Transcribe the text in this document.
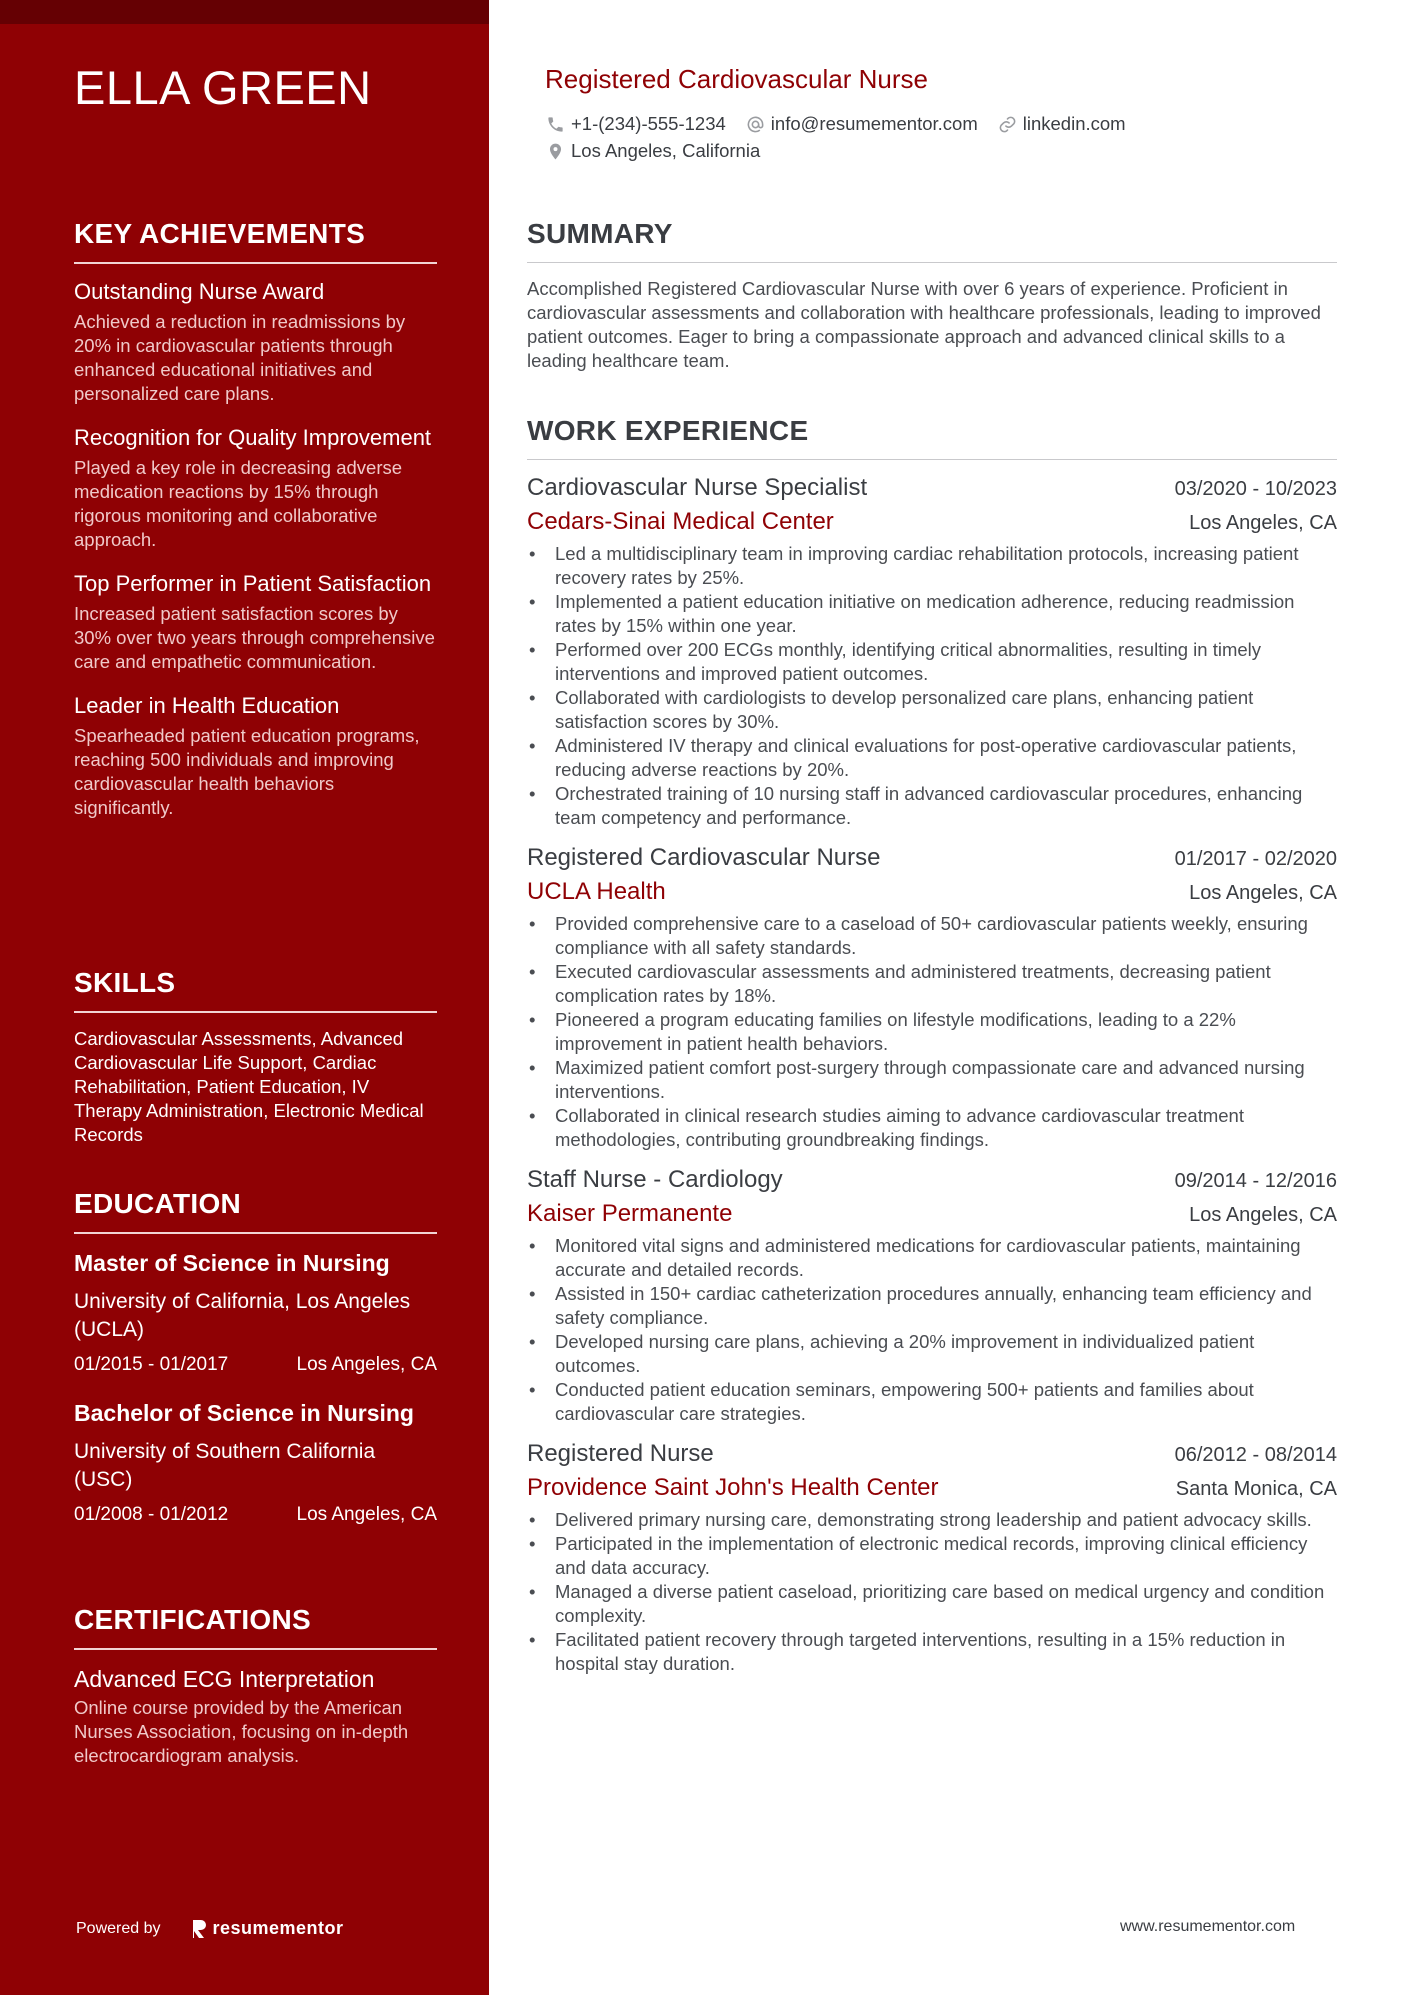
ELLA GREEN
KEY ACHIEVEMENTS
Outstanding Nurse Award
Achieved a reduction in readmissions by 20% in cardiovascular patients through enhanced educational initiatives and personalized care plans.
Recognition for Quality Improvement
Played a key role in decreasing adverse medication reactions by 15% through rigorous monitoring and collaborative approach.
Top Performer in Patient Satisfaction
Increased patient satisfaction scores by 30% over two years through comprehensive care and empathetic communication.
Leader in Health Education
Spearheaded patient education programs, reaching 500 individuals and improving cardiovascular health behaviors significantly.
SKILLS
Cardiovascular Assessments, Advanced Cardiovascular Life Support, Cardiac Rehabilitation, Patient Education, IV Therapy Administration, Electronic Medical Records
EDUCATION
Master of Science in Nursing
University of California, Los Angeles (UCLA)
01/2015 - 01/2017	Los Angeles, CA
Bachelor of Science in Nursing
University of Southern California (USC)
01/2008 - 01/2012	Los Angeles, CA
CERTIFICATIONS
Advanced ECG Interpretation
Online course provided by the American Nurses Association, focusing on in-depth electrocardiogram analysis.
Powered by	resumementor
Registered Cardiovascular Nurse
+1-(234)-555-1234 info@resumementor.com linkedin.com
Los Angeles, California
SUMMARY

Accomplished Registered Cardiovascular Nurse with over 6 years of experience. Proficient in cardiovascular assessments and collaboration with healthcare professionals, leading to improved patient outcomes. Eager to bring a compassionate approach and advanced clinical skills to a leading healthcare team.

WORK EXPERIENCE
Cardiovascular Nurse Specialist	03/2020 - 10/2023
Cedars-Sinai Medical Center	Los Angeles, CA
• Led a multidisciplinary team in improving cardiac rehabilitation protocols, increasing patient recovery rates by 25%.
• Implemented a patient education initiative on medication adherence, reducing readmission rates by 15% within one year.
• Performed over 200 ECGs monthly, identifying critical abnormalities, resulting in timely interventions and improved patient outcomes.
• Collaborated with cardiologists to develop personalized care plans, enhancing patient satisfaction scores by 30%.
• Administered IV therapy and clinical evaluations for post-operative cardiovascular patients, reducing adverse reactions by 20%.
• Orchestrated training of 10 nursing staff in advanced cardiovascular procedures, enhancing team competency and performance.
Registered Cardiovascular Nurse	01/2017 - 02/2020
UCLA Health	Los Angeles, CA
• Provided comprehensive care to a caseload of 50+ cardiovascular patients weekly, ensuring compliance with all safety standards.
• Executed cardiovascular assessments and administered treatments, decreasing patient complication rates by 18%.
• Pioneered a program educating families on lifestyle modifications, leading to a 22% improvement in patient health behaviors.
• Maximized patient comfort post-surgery through compassionate care and advanced nursing interventions.
• Collaborated in clinical research studies aiming to advance cardiovascular treatment methodologies, contributing groundbreaking findings.
Staff Nurse - Cardiology	09/2014 - 12/2016
Kaiser Permanente	Los Angeles, CA
• Monitored vital signs and administered medications for cardiovascular patients, maintaining accurate and detailed records.
• Assisted in 150+ cardiac catheterization procedures annually, enhancing team efficiency and safety compliance.
• Developed nursing care plans, achieving a 20% improvement in individualized patient outcomes.
• Conducted patient education seminars, empowering 500+ patients and families about cardiovascular care strategies.
Registered Nurse	06/2012 - 08/2014
Providence Saint John's Health Center	Santa Monica, CA
• Delivered primary nursing care, demonstrating strong leadership and patient advocacy skills.
• Participated in the implementation of electronic medical records, improving clinical efficiency and data accuracy.
• Managed a diverse patient caseload, prioritizing care based on medical urgency and condition complexity.
• Facilitated patient recovery through targeted interventions, resulting in a 15% reduction in hospital stay duration.
www.resumementor.com
